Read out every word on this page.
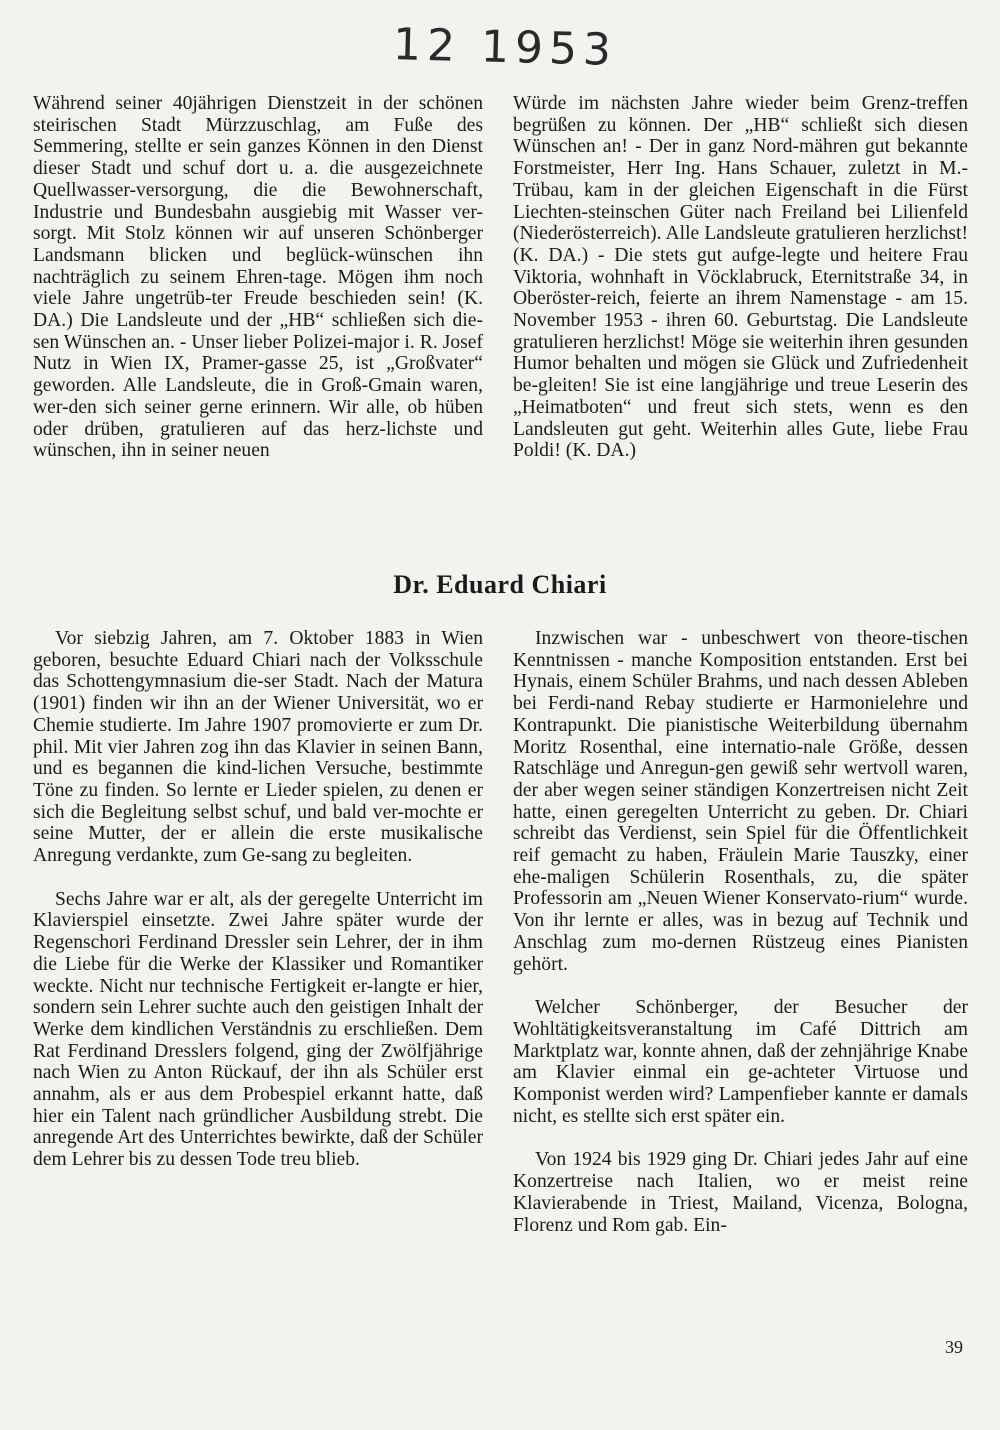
12 1953

Während seiner 40jährigen Dienstzeit in der schönen steirischen Stadt Mürzzuschlag, am Fuße des Semmering, stellte er sein ganzes Können in den Dienst dieser Stadt und schuf dort u. a. die ausgezeichnete Quellwasser-versorgung, die die Bewohnerschaft, Industrie und Bundesbahn ausgiebig mit Wasser ver-sorgt. Mit Stolz können wir auf unseren Schönberger Landsmann blicken und beglück-wünschen ihn nachträglich zu seinem Ehren-tage. Mögen ihm noch viele Jahre ungetrüb-ter Freude beschieden sein! (K. DA.) Die Landsleute und der „HB“ schließen sich die-sen Wünschen an. - Unser lieber Polizei-major i. R. Josef Nutz in Wien IX, Pramer-gasse 25, ist „Großvater“ geworden. Alle Landsleute, die in Groß-Gmain waren, wer-den sich seiner gerne erinnern. Wir alle, ob hüben oder drüben, gratulieren auf das herz-lichste und wünschen, ihn in seiner neuen

Würde im nächsten Jahre wieder beim Grenz-treffen begrüßen zu können. Der „HB“ schließt sich diesen Wünschen an! - Der in ganz Nord-mähren gut bekannte Forstmeister, Herr Ing. Hans Schauer, zuletzt in M.-Trübau, kam in der gleichen Eigenschaft in die Fürst Liechten-steinschen Güter nach Freiland bei Lilienfeld (Niederösterreich). Alle Landsleute gratulieren herzlichst! (K. DA.) - Die stets gut aufge-legte und heitere Frau Viktoria, wohnhaft in Vöcklabruck, Eternitstraße 34, in Oberöster-reich, feierte an ihrem Namenstage - am 15. November 1953 - ihren 60. Geburtstag. Die Landsleute gratulieren herzlichst! Möge sie weiterhin ihren gesunden Humor behalten und mögen sie Glück und Zufriedenheit be-gleiten! Sie ist eine langjährige und treue Leserin des „Heimatboten“ und freut sich stets, wenn es den Landsleuten gut geht. Weiterhin alles Gute, liebe Frau Poldi! (K. DA.)

Dr. Eduard Chiari

Vor siebzig Jahren, am 7. Oktober 1883 in Wien geboren, besuchte Eduard Chiari nach der Volksschule das Schottengymnasium die-ser Stadt. Nach der Matura (1901) finden wir ihn an der Wiener Universität, wo er Chemie studierte. Im Jahre 1907 promovierte er zum Dr. phil. Mit vier Jahren zog ihn das Klavier in seinen Bann, und es begannen die kind-lichen Versuche, bestimmte Töne zu finden. So lernte er Lieder spielen, zu denen er sich die Begleitung selbst schuf, und bald ver-mochte er seine Mutter, der er allein die erste musikalische Anregung verdankte, zum Ge-sang zu begleiten.

Sechs Jahre war er alt, als der geregelte Unterricht im Klavierspiel einsetzte. Zwei Jahre später wurde der Regenschori Ferdinand Dressler sein Lehrer, der in ihm die Liebe für die Werke der Klassiker und Romantiker weckte. Nicht nur technische Fertigkeit er-langte er hier, sondern sein Lehrer suchte auch den geistigen Inhalt der Werke dem kindlichen Verständnis zu erschließen. Dem Rat Ferdinand Dresslers folgend, ging der Zwölfjährige nach Wien zu Anton Rückauf, der ihn als Schüler erst annahm, als er aus dem Probespiel erkannt hatte, daß hier ein Talent nach gründlicher Ausbildung strebt. Die anregende Art des Unterrichtes bewirkte, daß der Schüler dem Lehrer bis zu dessen Tode treu blieb.

Inzwischen war - unbeschwert von theore-tischen Kenntnissen - manche Komposition entstanden. Erst bei Hynais, einem Schüler Brahms, und nach dessen Ableben bei Ferdi-nand Rebay studierte er Harmonielehre und Kontrapunkt. Die pianistische Weiterbildung übernahm Moritz Rosenthal, eine internatio-nale Größe, dessen Ratschläge und Anregun-gen gewiß sehr wertvoll waren, der aber wegen seiner ständigen Konzertreisen nicht Zeit hatte, einen geregelten Unterricht zu geben. Dr. Chiari schreibt das Verdienst, sein Spiel für die Öffentlichkeit reif gemacht zu haben, Fräulein Marie Tauszky, einer ehe-maligen Schülerin Rosenthals, zu, die später Professorin am „Neuen Wiener Konservato-rium“ wurde. Von ihr lernte er alles, was in bezug auf Technik und Anschlag zum mo-dernen Rüstzeug eines Pianisten gehört.

Welcher Schönberger, der Besucher der Wohltätigkeitsveranstaltung im Café Dittrich am Marktplatz war, konnte ahnen, daß der zehnjährige Knabe am Klavier einmal ein ge-achteter Virtuose und Komponist werden wird? Lampenfieber kannte er damals nicht, es stellte sich erst später ein.

Von 1924 bis 1929 ging Dr. Chiari jedes Jahr auf eine Konzertreise nach Italien, wo er meist reine Klavierabende in Triest, Mailand, Vicenza, Bologna, Florenz und Rom gab. Ein-

39
